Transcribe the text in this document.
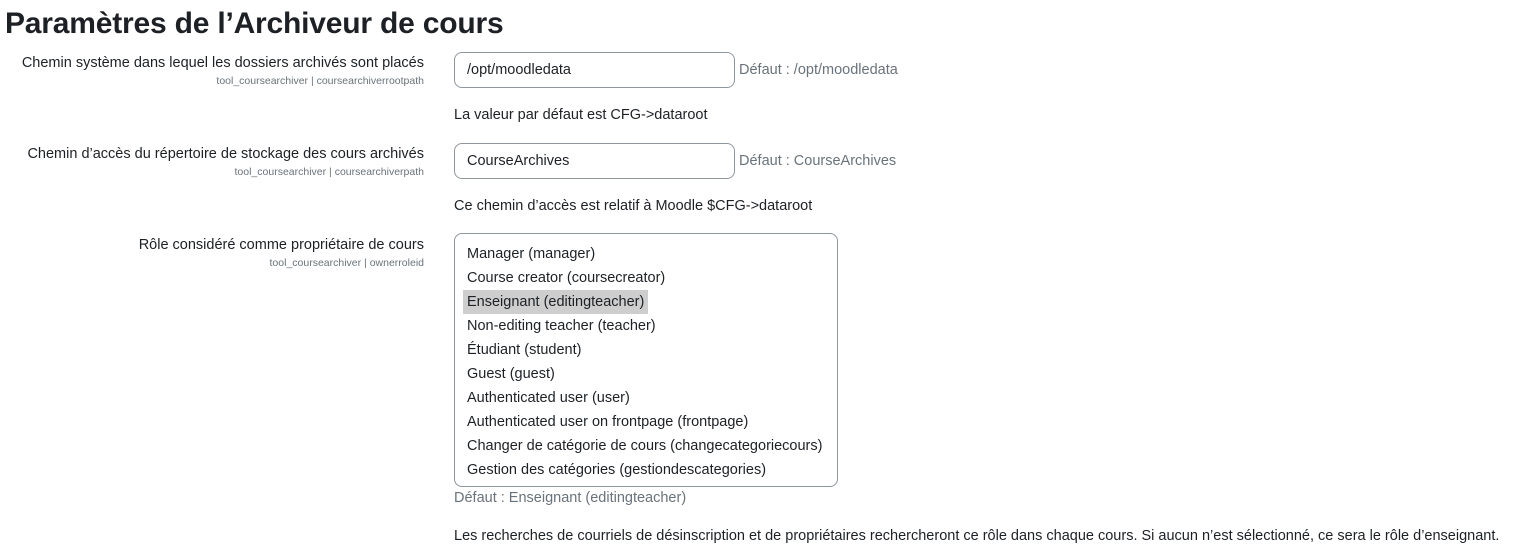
Paramètres de l’Archiveur de cours
Chemin système dans lequel les dossiers archivés sont placés
tool_coursearchiver | coursearchiverrootpath
/opt/moodledata
Défaut : /opt/moodledata
La valeur par défaut est CFG->dataroot
Chemin d’accès du répertoire de stockage des cours archivés
tool_coursearchiver | coursearchiverpath
CourseArchives
Défaut : CourseArchives
Ce chemin d’accès est relatif à Moodle $CFG->dataroot
Rôle considéré comme propriétaire de cours
tool_coursearchiver | ownerroleid
Manager (manager)
Course creator (coursecreator)
Enseignant (editingteacher)
Non-editing teacher (teacher)
Étudiant (student)
Guest (guest)
Authenticated user (user)
Authenticated user on frontpage (frontpage)
Changer de catégorie de cours (changecategoriecours)
Gestion des catégories (gestiondescategories)
Défaut : Enseignant (editingteacher)
Les recherches de courriels de désinscription et de propriétaires rechercheront ce rôle dans chaque cours. Si aucun n’est sélectionné, ce sera le rôle d’enseignant.
